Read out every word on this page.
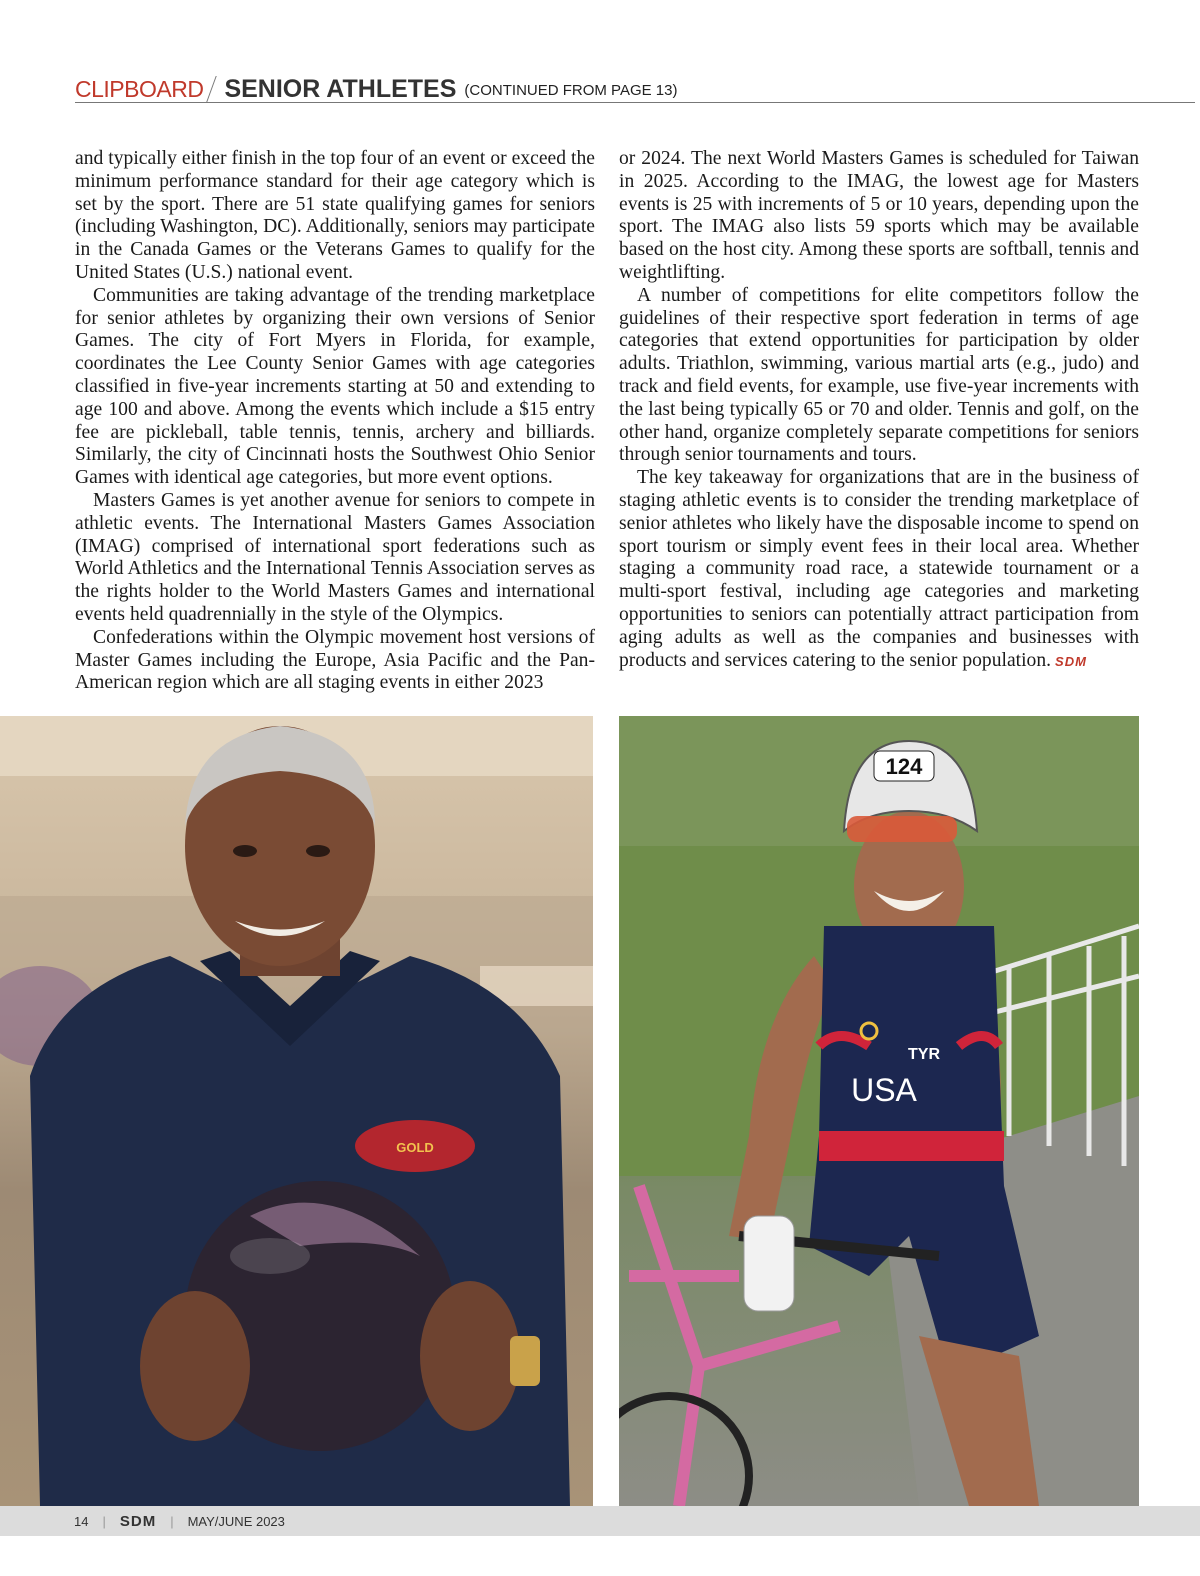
CLIPBOARD SENIOR ATHLETES (CONTINUED FROM PAGE 13)

and typically either finish in the top four of an event or exceed the minimum performance standard for their age category which is set by the sport. There are 51 state qualifying games for seniors (including Washington, DC). Additionally, seniors may participate in the Canada Games or the Veterans Games to qualify for the United States (U.S.) national event.

Communities are taking advantage of the trending marketplace for senior athletes by organizing their own versions of Senior Games. The city of Fort Myers in Florida, for example, coordinates the Lee County Senior Games with age categories classified in five-year increments starting at 50 and extending to age 100 and above. Among the events which include a $15 entry fee are pickleball, table tennis, tennis, archery and billiards. Similarly, the city of Cincinnati hosts the Southwest Ohio Senior Games with identical age categories, but more event options.

Masters Games is yet another avenue for seniors to compete in athletic events. The International Masters Games Association (IMAG) comprised of international sport federations such as World Athletics and the International Tennis Association serves as the rights holder to the World Masters Games and international events held quadrennially in the style of the Olympics.

Confederations within the Olympic movement host versions of Master Games including the Europe, Asia Pacific and the Pan-American region which are all staging events in either 2023

or 2024. The next World Masters Games is scheduled for Taiwan in 2025. According to the IMAG, the lowest age for Masters events is 25 with increments of 5 or 10 years, depending upon the sport. The IMAG also lists 59 sports which may be available based on the host city. Among these sports are softball, tennis and weightlifting.

A number of competitions for elite competitors follow the guidelines of their respective sport federation in terms of age categories that extend opportunities for participation by older adults. Triathlon, swimming, various martial arts (e.g., judo) and track and field events, for example, use five-year increments with the last being typically 65 or 70 and older. Tennis and golf, on the other hand, organize completely separate competitions for seniors through senior tournaments and tours.

The key takeaway for organizations that are in the business of staging athletic events is to consider the trending marketplace of senior athletes who likely have the disposable income to spend on sport tourism or simply event fees in their local area. Whether staging a community road race, a statewide tournament or a multi-sport festival, including age categories and marketing opportunities to seniors can potentially attract participation from aging adults as well as the companies and businesses with products and services catering to the senior population. SDM

GOLD
124
USA
TYR
14 | SDM | MAY/JUNE 2023
